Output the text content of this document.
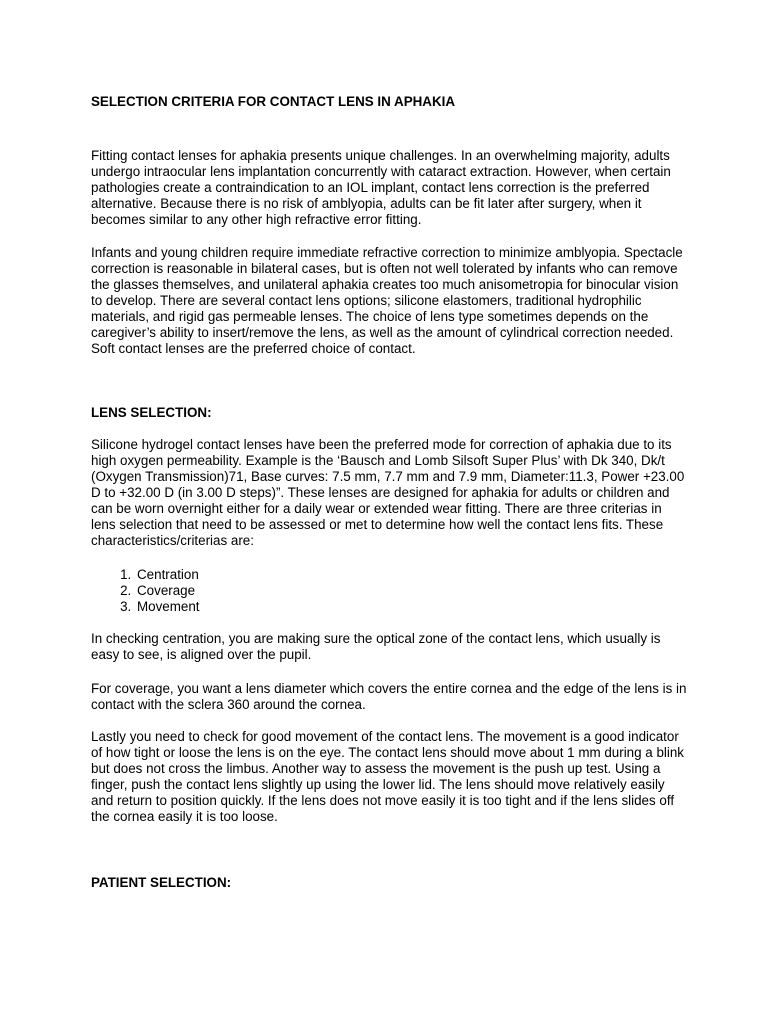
SELECTION CRITERIA FOR CONTACT LENS IN APHAKIA

Fitting contact lenses for aphakia presents unique challenges. In an overwhelming majority, adults undergo intraocular lens implantation concurrently with cataract extraction. However, when certain pathologies create a contraindication to an IOL implant, contact lens correction is the preferred alternative. Because there is no risk of amblyopia, adults can be fit later after surgery, when it becomes similar to any other high refractive error fitting.

Infants and young children require immediate refractive correction to minimize amblyopia. Spectacle correction is reasonable in bilateral cases, but is often not well tolerated by infants who can remove the glasses themselves, and unilateral aphakia creates too much anisometropia for binocular vision to develop. There are several contact lens options; silicone elastomers, traditional hydrophilic materials, and rigid gas permeable lenses. The choice of lens type sometimes depends on the caregiver’s ability to insert/remove the lens, as well as the amount of cylindrical correction needed. Soft contact lenses are the preferred choice of contact.

LENS SELECTION:

Silicone hydrogel contact lenses have been the preferred mode for correction of aphakia due to its high oxygen permeability. Example is the ‘Bausch and Lomb Silsoft Super Plus’ with Dk 340, Dk/t (Oxygen Transmission)71, Base curves: 7.5 mm, 7.7 mm and 7.9 mm, Diameter:11.3, Power +23.00 D to +32.00 D (in 3.00 D steps)”. These lenses are designed for aphakia for adults or children and can be worn overnight either for a daily wear or extended wear fitting. There are three criterias in lens selection that need to be assessed or met to determine how well the contact lens fits. These characteristics/criterias are:

1. Centration
2. Coverage
3. Movement

In checking centration, you are making sure the optical zone of the contact lens, which usually is easy to see, is aligned over the pupil.

For coverage, you want a lens diameter which covers the entire cornea and the edge of the lens is in contact with the sclera 360 around the cornea.

Lastly you need to check for good movement of the contact lens. The movement is a good indicator of how tight or loose the lens is on the eye. The contact lens should move about 1 mm during a blink but does not cross the limbus. Another way to assess the movement is the push up test. Using a finger, push the contact lens slightly up using the lower lid. The lens should move relatively easily and return to position quickly. If the lens does not move easily it is too tight and if the lens slides off the cornea easily it is too loose.

PATIENT SELECTION:
